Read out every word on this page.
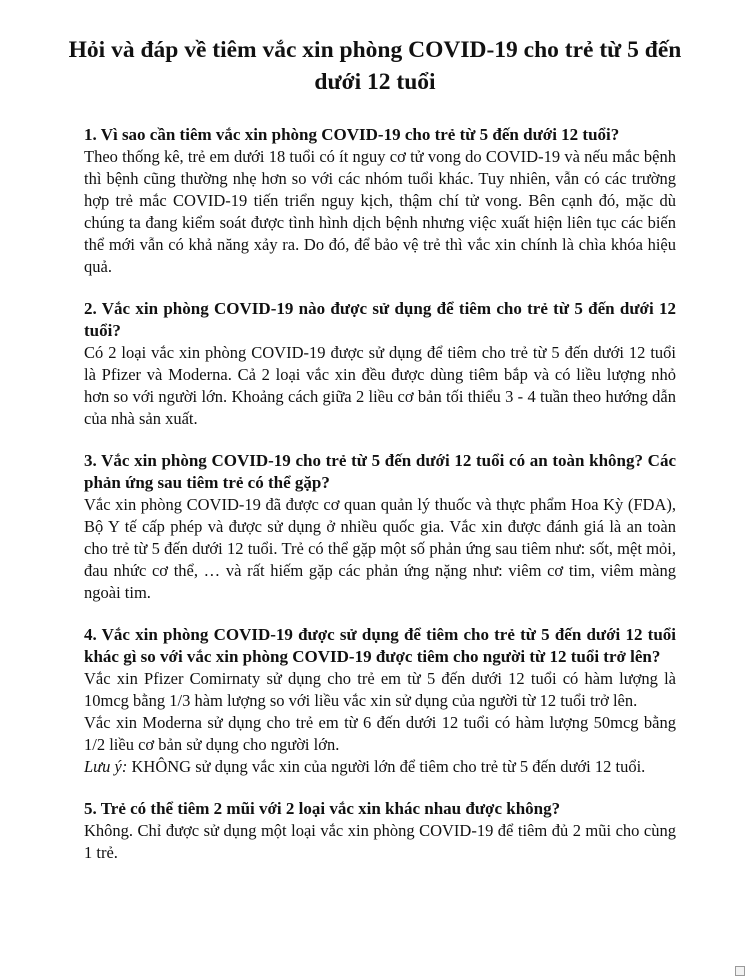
Hỏi và đáp về tiêm vắc xin phòng COVID-19 cho trẻ từ 5 đến dưới 12 tuổi

1. Vì sao cần tiêm vắc xin phòng COVID-19 cho trẻ từ 5 đến dưới 12 tuổi?

Theo thống kê, trẻ em dưới 18 tuổi có ít nguy cơ tử vong do COVID-19 và nếu mắc bệnh thì bệnh cũng thường nhẹ hơn so với các nhóm tuổi khác. Tuy nhiên, vẫn có các trường hợp trẻ mắc COVID-19 tiến triển nguy kịch, thậm chí tử vong. Bên cạnh đó, mặc dù chúng ta đang kiểm soát được tình hình dịch bệnh nhưng việc xuất hiện liên tục các biến thể mới vẫn có khả năng xảy ra. Do đó, để bảo vệ trẻ thì vắc xin chính là chìa khóa hiệu quả.

2. Vắc xin phòng COVID-19 nào được sử dụng để tiêm cho trẻ từ 5 đến dưới 12 tuổi?

Có 2 loại vắc xin phòng COVID-19 được sử dụng để tiêm cho trẻ từ 5 đến dưới 12 tuổi là Pfizer và Moderna. Cả 2 loại vắc xin đều được dùng tiêm bắp và có liều lượng nhỏ hơn so với người lớn. Khoảng cách giữa 2 liều cơ bản tối thiểu 3 - 4 tuần theo hướng dẫn của nhà sản xuất.

3. Vắc xin phòng COVID-19 cho trẻ từ 5 đến dưới 12 tuổi có an toàn không? Các phản ứng sau tiêm trẻ có thể gặp?

Vắc xin phòng COVID-19 đã được cơ quan quản lý thuốc và thực phẩm Hoa Kỳ (FDA), Bộ Y tế cấp phép và được sử dụng ở nhiều quốc gia. Vắc xin được đánh giá là an toàn cho trẻ từ 5 đến dưới 12 tuổi. Trẻ có thể gặp một số phản ứng sau tiêm như: sốt, mệt mỏi, đau nhức cơ thể, … và rất hiếm gặp các phản ứng nặng như: viêm cơ tim, viêm màng ngoài tim.

4. Vắc xin phòng COVID-19 được sử dụng để tiêm cho trẻ từ 5 đến dưới 12 tuổi khác gì so với vắc xin phòng COVID-19 được tiêm cho người từ 12 tuổi trở lên?

Vắc xin Pfizer Comirnaty sử dụng cho trẻ em từ 5 đến dưới 12 tuổi có hàm lượng là 10mcg bằng 1/3 hàm lượng so với liều vắc xin sử dụng của người từ 12 tuổi trở lên.

Vắc xin Moderna sử dụng cho trẻ em từ 6 đến dưới 12 tuổi có hàm lượng 50mcg bằng 1/2 liều cơ bản sử dụng cho người lớn.

Lưu ý: KHÔNG sử dụng vắc xin của người lớn để tiêm cho trẻ từ 5 đến dưới 12 tuổi.

5. Trẻ có thể tiêm 2 mũi với 2 loại vắc xin khác nhau được không?

Không. Chỉ được sử dụng một loại vắc xin phòng COVID-19 để tiêm đủ 2 mũi cho cùng 1 trẻ.
